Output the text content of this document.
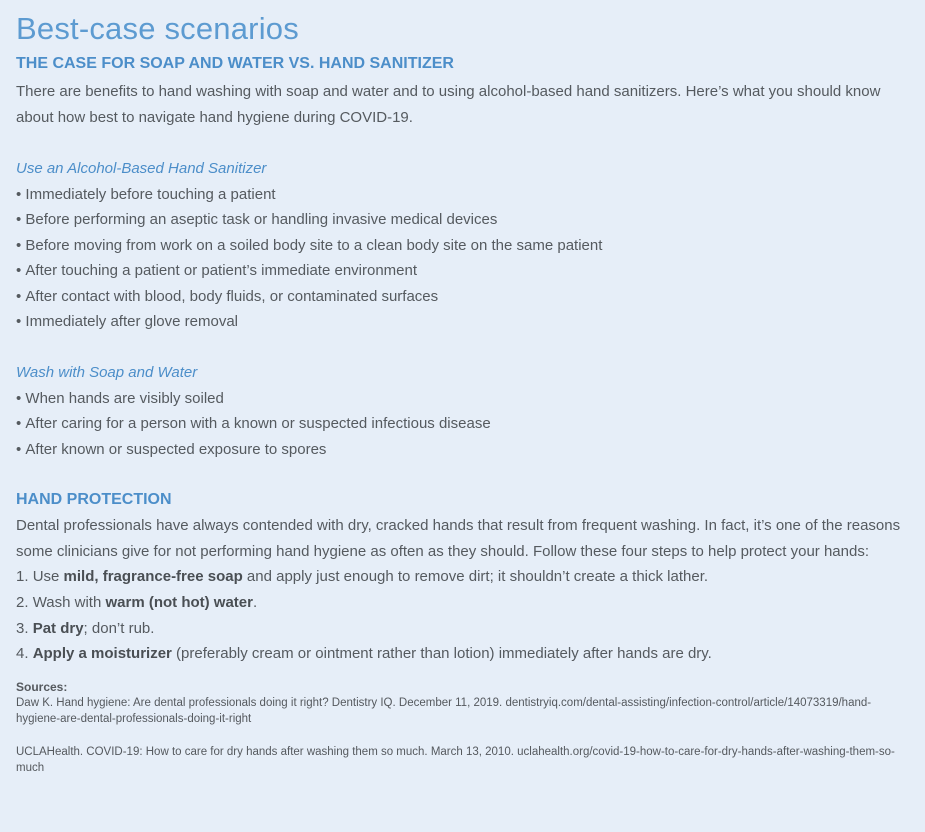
Best-case scenarios
THE CASE FOR SOAP AND WATER VS. HAND SANITIZER

There are benefits to hand washing with soap and water and to using alcohol-based hand sanitizers. Here’s what you should know about how best to navigate hand hygiene during COVID-19.

Use an Alcohol-Based Hand Sanitizer
• Immediately before touching a patient
• Before performing an aseptic task or handling invasive medical devices
• Before moving from work on a soiled body site to a clean body site on the same patient
• After touching a patient or patient’s immediate environment
• After contact with blood, body fluids, or contaminated surfaces
• Immediately after glove removal
Wash with Soap and Water
• When hands are visibly soiled
• After caring for a person with a known or suspected infectious disease
• After known or suspected exposure to spores
HAND PROTECTION

Dental professionals have always contended with dry, cracked hands that result from frequent washing. In fact, it’s one of the reasons some clinicians give for not performing hand hygiene as often as they should. Follow these four steps to help protect your hands:

1. Use mild, fragrance-free soap and apply just enough to remove dirt; it shouldn’t create a thick lather.
2. Wash with warm (not hot) water.
3. Pat dry; don’t rub.
4. Apply a moisturizer (preferably cream or ointment rather than lotion) immediately after hands are dry.
Sources:

Daw K. Hand hygiene: Are dental professionals doing it right? Dentistry IQ. December 11, 2019. dentistryiq.com/dental-assisting/infection-control/article/14073319/hand-hygiene-are-dental-professionals-doing-it-right

UCLAHealth. COVID-19: How to care for dry hands after washing them so much. March 13, 2010. uclahealth.org/covid-19-how-to-care-for-dry-hands-after-washing-them-so-much
